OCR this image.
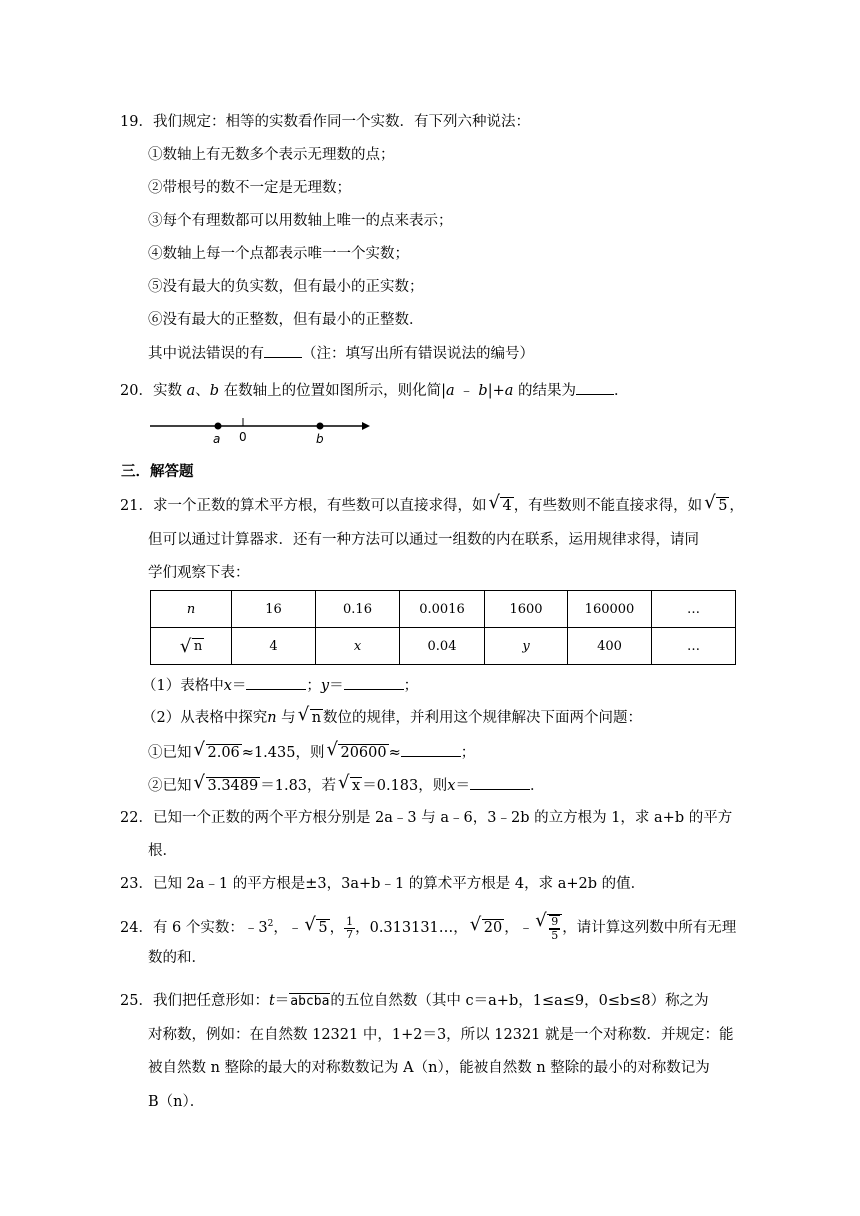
19．我们规定：相等的实数看作同一个实数．有下列六种说法：
①数轴上有无数多个表示无理数的点；
②带根号的数不一定是无理数；
③每个有理数都可以用数轴上唯一的点来表示；
④数轴上每一个点都表示唯一一个实数；
⑤没有最大的负实数，但有最小的正实数；
⑥没有最大的正整数，但有最小的正整数．
其中说法错误的有	（注：填写出所有错误说法的编号）
20．实数 a、b 在数轴上的位置如图所示，则化简|a ﹣ b|+a 的结果为	．
a 0	b
三．解答题
21．求一个正数的算术平方根，有些数可以直接求得，如 √ 4 ，有些数则不能直接求得，如 √ 5 ，
但可以通过计算器求．还有一种方法可以通过一组数的内在联系，运用规律求得，请同
学们观察下表：
n	16	0.16	0.0016	1600	160000	…
√ n	4	x	0.04	y	400	…
（1）表格中x＝	；y＝	；
（2）从表格中探究n 与 √ n 数位的规律，并利用这个规律解决下面两个问题：
①已知 √ 2.06 ≈1.435，则 √ 20600 ≈	；
②已知 √ 3.3489 ＝1.83，若 √ x ＝0.183，则x＝	．
22．已知一个正数的两个平方根分别是 2a﹣3 与 a﹣6，3﹣2b 的立方根为 1，求 a+b 的平方
根．
23．已知 2a﹣1 的平方根是±3，3a+b﹣1 的算术平方根是 4，求 a+2b 的值．
24．有 6 个实数：$﹣3^2$，﹣ √ 5 ， $\frac{1}{7}$ ，0.313131…， √ 20 ，﹣ √ $\frac{9}{5}$ ，请计算这列数中所有无理
数的和．
25．我们把任意形如：t＝abcba的五位自然数（其中 c＝a+b，1≤a≤9，0≤b≤8）称之为
对称数，例如：在自然数 12321 中，1+2＝3，所以 12321 就是一个对称数．并规定：能
被自然数 n 整除的最大的对称数数记为 A（n），能被自然数 n 整除的最小的对称数记为
B（n）．
